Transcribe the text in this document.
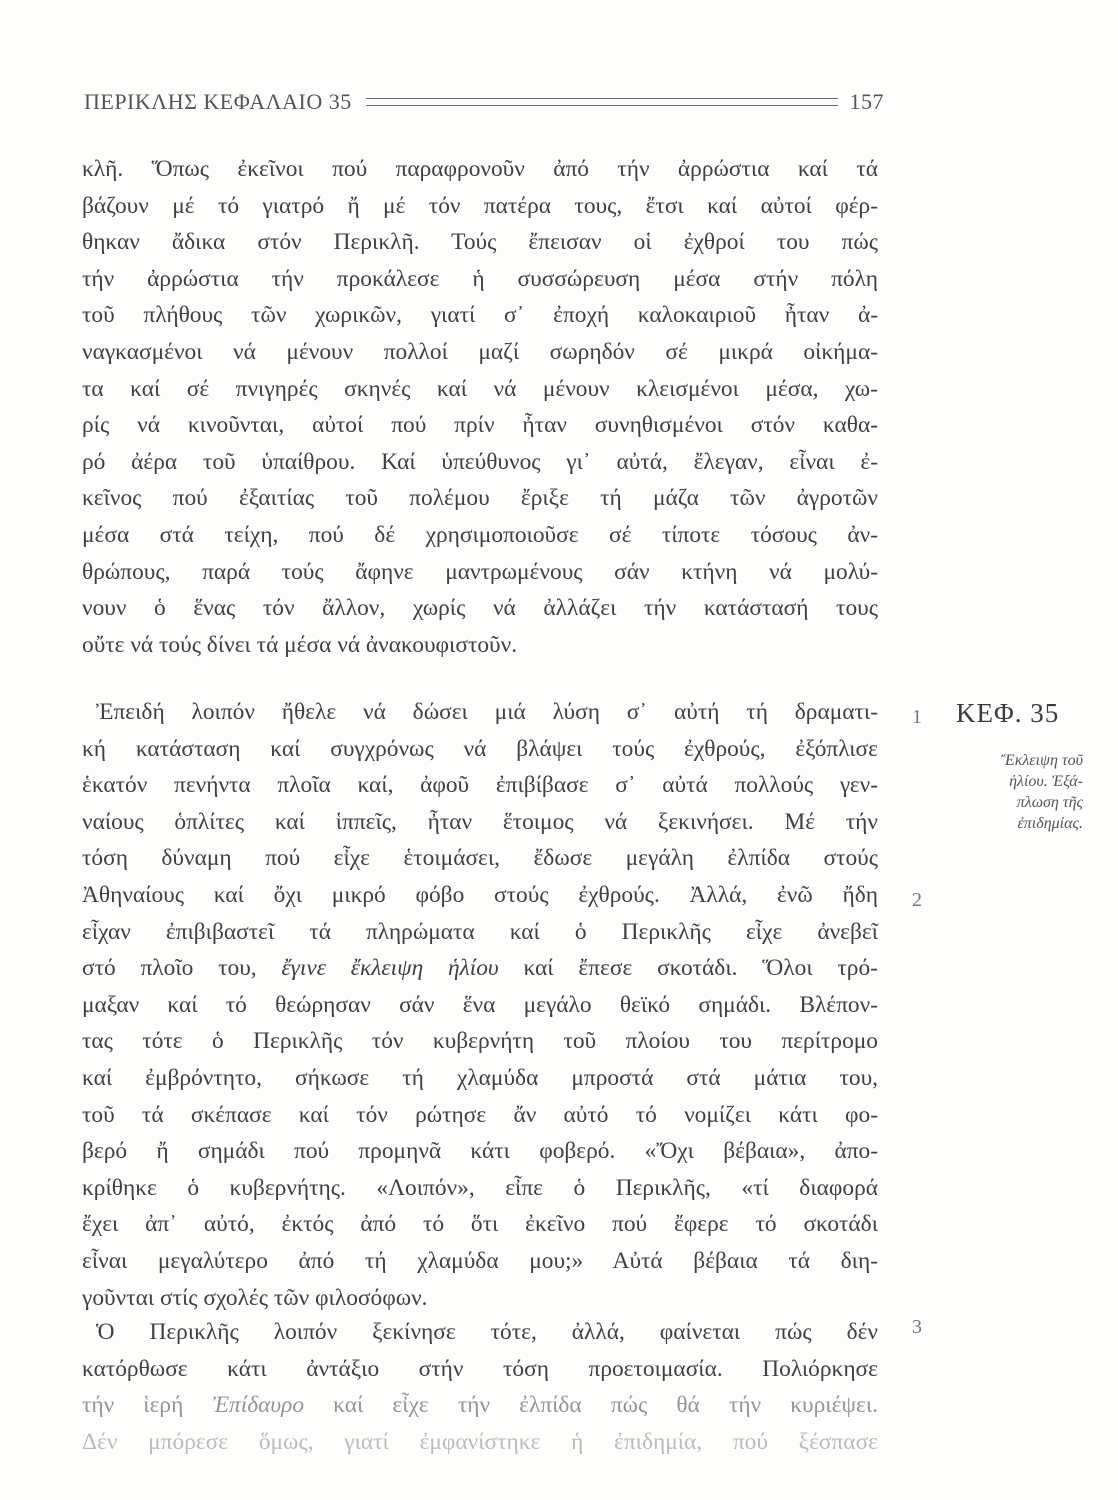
ΠΕΡΙΚΛΗΣ ΚΕΦΑΛΑΙΟ 35	157
κλῆ. Ὅπως ἐκεῖνοι πού παραφρονοῦν ἀπό τήν ἀρρώστια καί τά
βάζουν μέ τό γιατρό ἤ μέ τόν πατέρα τους, ἔτσι καί αὐτοί φέρ-
θηκαν ἄδικα στόν Περικλῆ. Τούς ἔπεισαν οἱ ἐχθροί του πώς
τήν ἀρρώστια τήν προκάλεσε ἡ συσσώρευση μέσα στήν πόλη
τοῦ πλήθους τῶν χωρικῶν, γιατί σ᾽ ἐποχή καλοκαιριοῦ ἦταν ἀ-
ναγκασμένοι νά μένουν πολλοί μαζί σωρηδόν σέ μικρά οἰκήμα-
τα καί σέ πνιγηρές σκηνές καί νά μένουν κλεισμένοι μέσα, χω-
ρίς νά κινοῦνται, αὐτοί πού πρίν ἦταν συνηθισμένοι στόν καθα-
ρό ἀέρα τοῦ ὑπαίθρου. Καί ὑπεύθυνος γι᾽ αὐτά, ἔλεγαν, εἶναι ἐ-
κεῖνος πού ἐξαιτίας τοῦ πολέμου ἔριξε τή μάζα τῶν ἀγροτῶν
μέσα στά τείχη, πού δέ χρησιμοποιοῦσε σέ τίποτε τόσους ἀν-
θρώπους, παρά τούς ἄφηνε μαντρωμένους σάν κτήνη νά μολύ-
νουν ὁ ἕνας τόν ἄλλον, χωρίς νά ἀλλάζει τήν κατάστασή τους
οὔτε νά τούς δίνει τά μέσα νά ἀνακουφιστοῦν.
Ἐπειδή λοιπόν ἤθελε νά δώσει μιά λύση σ᾽ αὐτή τή δραματι-
κή κατάσταση καί συγχρόνως νά βλάψει τούς ἐχθρούς, ἐξόπλισε
ἑκατόν πενήντα πλοῖα καί, ἀφοῦ ἐπιβίβασε σ᾽ αὐτά πολλούς γεν-
ναίους ὁπλίτες καί ἱππεῖς, ἦταν ἕτοιμος νά ξεκινήσει. Μέ τήν
τόση δύναμη πού εἶχε ἑτοιμάσει, ἔδωσε μεγάλη ἐλπίδα στούς
Ἀθηναίους καί ὄχι μικρό φόβο στούς ἐχθρούς. Ἀλλά, ἐνῶ ἤδη
εἶχαν ἐπιβιβαστεῖ τά πληρώματα καί ὁ Περικλῆς εἶχε ἀνεβεῖ
στό πλοῖο του, ἔγινε ἔκλειψη ἡλίου καί ἔπεσε σκοτάδι. Ὅλοι τρό-
μαξαν καί τό θεώρησαν σάν ἕνα μεγάλο θεϊκό σημάδι. Βλέπον-
τας τότε ὁ Περικλῆς τόν κυβερνήτη τοῦ πλοίου του περίτρομο
καί ἐμβρόντητο, σήκωσε τή χλαμύδα μπροστά στά μάτια του,
τοῦ τά σκέπασε καί τόν ρώτησε ἄν αὐτό τό νομίζει κάτι φο-
βερό ἤ σημάδι πού προμηνᾶ κάτι φοβερό. «Ὄχι βέβαια», ἀπο-
κρίθηκε ὁ κυβερνήτης. «Λοιπόν», εἶπε ὁ Περικλῆς, «τί διαφορά
ἔχει ἀπ᾽ αὐτό, ἐκτός ἀπό τό ὅτι ἐκεῖνο πού ἔφερε τό σκοτάδι
εἶναι μεγαλύτερο ἀπό τή χλαμύδα μου;» Αὐτά βέβαια τά διη-
γοῦνται στίς σχολές τῶν φιλοσόφων.
Ὁ Περικλῆς λοιπόν ξεκίνησε τότε, ἀλλά, φαίνεται πώς δέν
κατόρθωσε κάτι ἀντάξιο στήν τόση προετοιμασία. Πολιόρκησε
τήν ἱερή Ἐπίδαυρο καί εἶχε τήν ἐλπίδα πώς θά τήν κυριέψει.
Δέν μπόρεσε ὅμως, γιατί ἐμφανίστηκε ἡ ἐπιδημία, πού ξέσπασε
1 ΚΕΦ. 35
Ἔκλειψη τοῦ
ἡλίου. Ἐξά-
πλωση τῆς
ἐπιδημίας.
2
3
